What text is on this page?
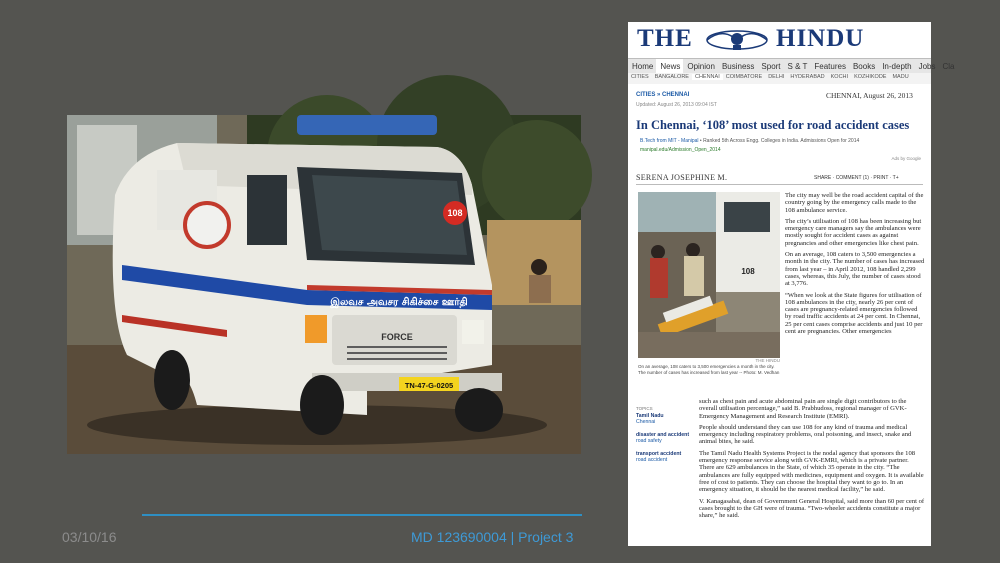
108
இலவச அவசர சிகிச்சை ஊர்தி
FORCE
TN-47-G-0205
03/10/16	MD 123690004 | Project 3
THE	HINDU
Home News Opinion Business Sport S & T Features Books In-depth Jobs Cla
CITIES BANGALORE CHENNAI COIMBATORE DELHI HYDERABAD KOCHI KOZHIKODE MADU
CITIES » CHENNAI	CHENNAI, August 26, 2013
Updated: August 26, 2013 09:04 IST
In Chennai, ‘108’ most used for road accident cases
B.Tech from MIT - Manipal • Ranked 5th Across Engg. Colleges in India. Admissions Open for 2014
manipal.edu/Admission_Open_2014
Ads by Google
SERENA JOSEPHINE M.	SHARE · COMMENT (1) · PRINT · T+
108
THE HINDU
On an average, 108 caters to 3,500 emergencies a month in the city. The number of cases has increased from last year -- Photo: M. Vedhan

The city may well be the road accident capital of the country going by the emergency calls made to the 108 ambulance service.

The city’s utilisation of 108 has been increasing but emergency care managers say the ambulances were mostly sought for accident cases as against pregnancies and other emergencies like chest pain.

On an average, 108 caters to 3,500 emergencies a month in the city. The number of cases has increased from last year – in April 2012, 108 handled 2,299 cases, whereas, this July, the number of cases stood at 3,776.

“When we look at the State figures for utilisation of 108 ambulances in the city, nearly 26 per cent of cases are pregnancy-related emergencies followed by road traffic accidents at 24 per cent. In Chennai, 25 per cent cases comprise accidents and just 10 per cent are pregnancies. Other emergencies

TOPICS
Tamil Nadu
Chennai
disaster and accident
road safety
transport accident
road accident

such as chest pain and acute abdominal pain are single digit contributors to the overall utilisation percentage,” said B. Prabhudoss, regional manager of GVK-Emergency Management and Research Institute (EMRI).

People should understand they can use 108 for any kind of trauma and medical emergency including respiratory problems, oral poisoning, and insect, snake and animal bites, he said.

The Tamil Nadu Health Systems Project is the nodal agency that sponsors the 108 emergency response service along with GVK-EMRI, which is a private partner. There are 629 ambulances in the State, of which 35 operate in the city. “The ambulances are fully equipped with medicines, equipment and oxygen. It is available free of cost to patients. They can choose the hospital they want to go to. In an emergency situation, it should be the nearest medical facility,” he said.

V. Kanagasabai, dean of Government General Hospital, said more than 60 per cent of cases brought to the GH were of trauma. “Two-wheeler accidents constitute a major share,” he said.
